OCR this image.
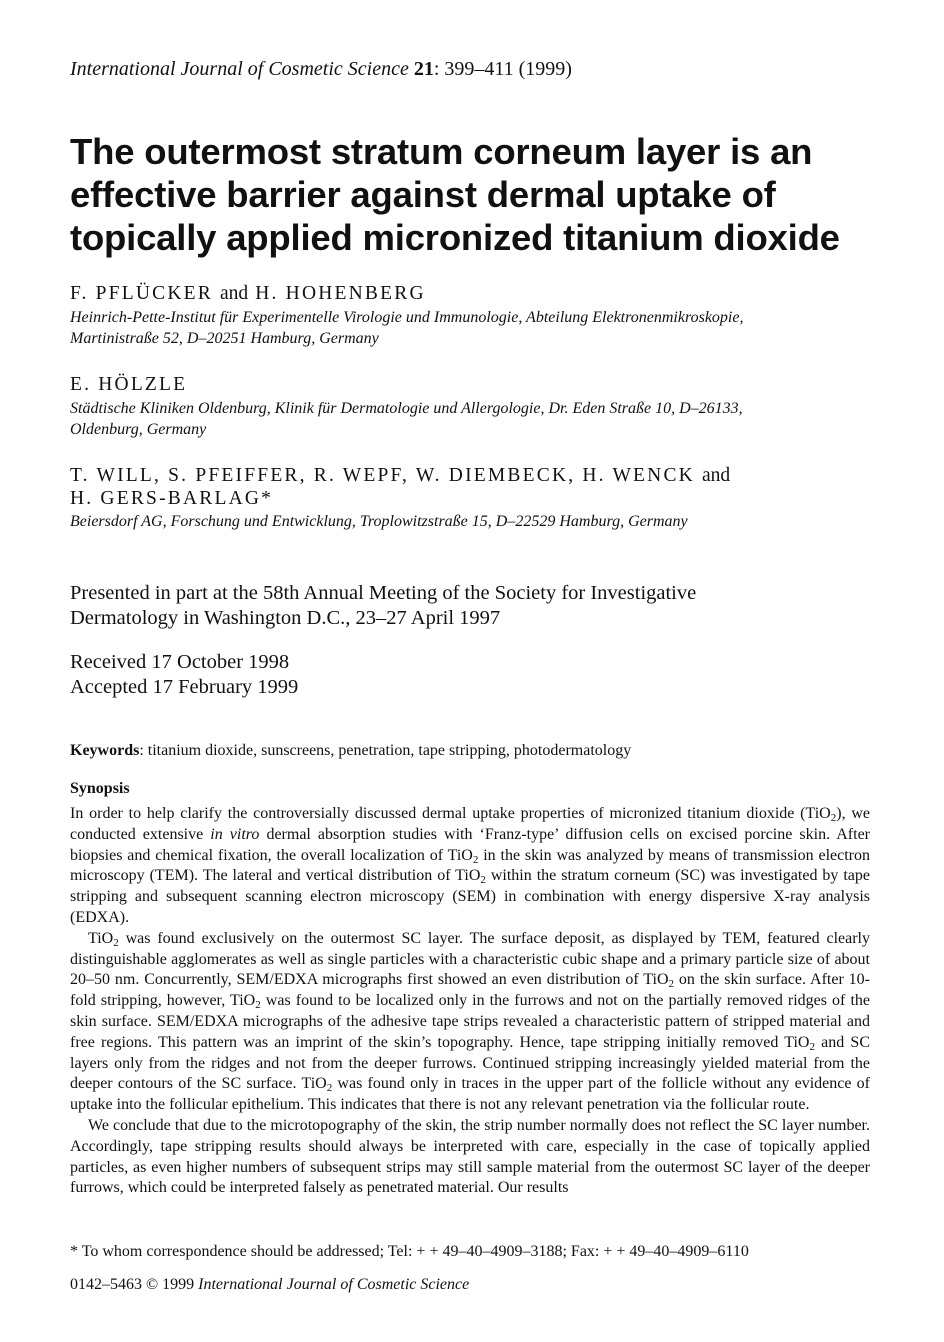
International Journal of Cosmetic Science 21: 399–411 (1999)
The outermost stratum corneum layer is an
effective barrier against dermal uptake of
topically applied micronized titanium dioxide
F. PFLÜCKER and H. HOHENBERG
Heinrich-Pette-Institut für Experimentelle Virologie und Immunologie, Abteilung Elektronenmikroskopie,
Martinistraße 52, D–20251 Hamburg, Germany
E. HÖLZLE
Städtische Kliniken Oldenburg, Klinik für Dermatologie und Allergologie, Dr. Eden Straße 10, D–26133,
Oldenburg, Germany
T. WILL, S. PFEIFFER, R. WEPF, W. DIEMBECK, H. WENCK and
H. GERS-BARLAG*
Beiersdorf AG, Forschung und Entwicklung, Troplowitzstraße 15, D–22529 Hamburg, Germany
Presented in part at the 58th Annual Meeting of the Society for Investigative
Dermatology in Washington D.C., 23–27 April 1997
Received 17 October 1998
Accepted 17 February 1999
Keywords: titanium dioxide, sunscreens, penetration, tape stripping, photodermatology
Synopsis

In order to help clarify the controversially discussed dermal uptake properties of micronized titanium dioxide (TiO$_2$), we conducted extensive in vitro dermal absorption studies with ‘Franz-type’ diffusion cells on excised porcine skin. After biopsies and chemical fixation, the overall localization of TiO$_2$ in the skin was analyzed by means of transmission electron microscopy (TEM). The lateral and vertical distribution of TiO$_2$ within the stratum corneum (SC) was investigated by tape stripping and subsequent scanning electron microscopy (SEM) in combination with energy dispersive X-ray analysis (EDXA).

TiO$_2$ was found exclusively on the outermost SC layer. The surface deposit, as displayed by TEM, featured clearly distinguishable agglomerates as well as single particles with a characteristic cubic shape and a primary particle size of about 20–50 nm. Concurrently, SEM/EDXA micrographs first showed an even distribution of TiO$_2$ on the skin surface. After 10-fold stripping, however, TiO$_2$ was found to be localized only in the furrows and not on the partially removed ridges of the skin surface. SEM/EDXA micrographs of the adhesive tape strips revealed a characteristic pattern of stripped material and free regions. This pattern was an imprint of the skin’s topography. Hence, tape stripping initially removed TiO$_2$ and SC layers only from the ridges and not from the deeper furrows. Continued stripping increasingly yielded material from the deeper contours of the SC surface. TiO$_2$ was found only in traces in the upper part of the follicle without any evidence of uptake into the follicular epithelium. This indicates that there is not any relevant penetration via the follicular route.

We conclude that due to the microtopography of the skin, the strip number normally does not reflect the SC layer number. Accordingly, tape stripping results should always be interpreted with care, especially in the case of topically applied particles, as even higher numbers of subsequent strips may still sample material from the outermost SC layer of the deeper furrows, which could be interpreted falsely as penetrated material. Our results

* To whom correspondence should be addressed; Tel: + + 49–40–4909–3188; Fax: + + 49–40–4909–6110
0142–5463 © 1999 International Journal of Cosmetic Science
